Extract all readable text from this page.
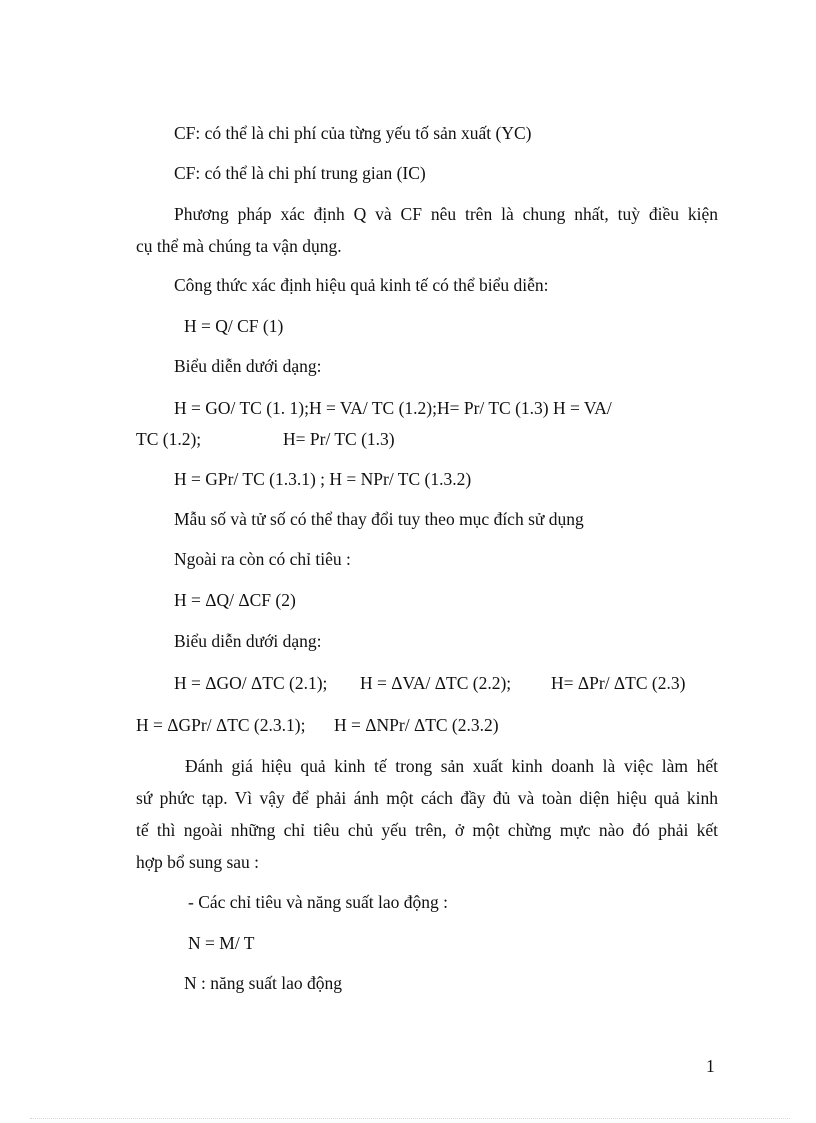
CF: có thể là chi phí của từng yếu tố sản xuất (YC)

CF: có thể là chi phí trung gian (IC)

Phương pháp xác định Q và CF nêu trên là chung nhất, tuỳ điều kiện

cụ thể mà chúng ta vận dụng.

Công thức xác định hiệu quả kinh tế có thể biểu diễn:

H = Q/ CF (1)

Biểu diễn dưới dạng:

H = GO/ TC (1. 1);H = VA/ TC (1.2);H= Pr/ TC (1.3) H = VA/

TC (1.2);	H= Pr/ TC (1.3)

H = GPr/ TC (1.3.1) ; H = NPr/ TC (1.3.2)

Mẫu số và tử số có thể thay đổi tuy theo mục đích sử dụng

Ngoài ra còn có chỉ tiêu :

H = ΔQ/ ΔCF (2)

Biểu diễn dưới dạng:

H = ΔGO/ ΔTC (2.1); H = ΔVA/ ΔTC (2.2); H= ΔPr/ ΔTC (2.3)

H = ΔGPr/ ΔTC (2.3.1); H = ΔNPr/ ΔTC (2.3.2)

Đánh giá hiệu quả kinh tế trong sản xuất kinh doanh là việc làm hết

sứ phức tạp. Vì vậy để phải ánh một cách đầy đủ và toàn diện hiệu quả kinh

tế thì ngoài những chỉ tiêu chủ yếu trên, ở một chừng mực nào đó phải kết

hợp bổ sung sau :

- Các chỉ tiêu và năng suất lao động :

N = M/ T

N : năng suất lao động

1
